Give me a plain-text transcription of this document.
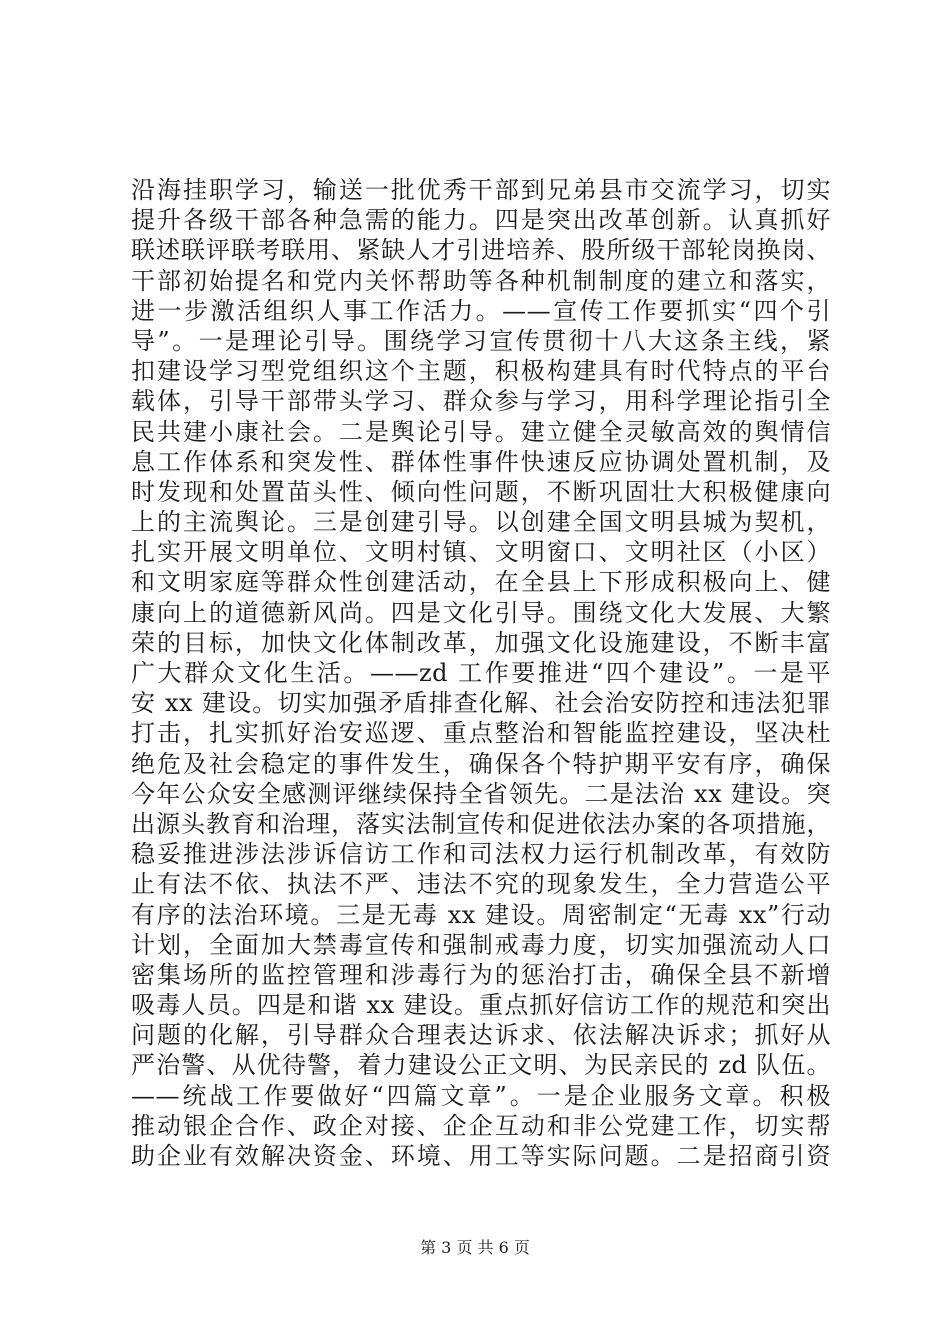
沿海挂职学习，输送一批优秀干部到兄弟县市交流学习，切实
提升各级干部各种急需的能力。四是突出改革创新。认真抓好
联述联评联考联用、紧缺人才引进培养、股所级干部轮岗换岗、
干部初始提名和党内关怀帮助等各种机制制度的建立和落实，
进一步激活组织人事工作活力。——宣传工作要抓实“四个引
导”。一是理论引导。围绕学习宣传贯彻十八大这条主线，紧
扣建设学习型党组织这个主题，积极构建具有时代特点的平台
载体，引导干部带头学习、群众参与学习，用科学理论指引全
民共建小康社会。二是舆论引导。建立健全灵敏高效的舆情信
息工作体系和突发性、群体性事件快速反应协调处置机制，及
时发现和处置苗头性、倾向性问题，不断巩固壮大积极健康向
上的主流舆论。三是创建引导。以创建全国文明县城为契机，
扎实开展文明单位、文明村镇、文明窗口、文明社区（小区）
和文明家庭等群众性创建活动，在全县上下形成积极向上、健
康向上的道德新风尚。四是文化引导。围绕文化大发展、大繁
荣的目标，加快文化体制改革，加强文化设施建设，不断丰富
广大群众文化生活。——zd 工作要推进“四个建设”。一是平
安 xx 建设。切实加强矛盾排查化解、社会治安防控和违法犯罪
打击，扎实抓好治安巡逻、重点整治和智能监控建设，坚决杜
绝危及社会稳定的事件发生，确保各个特护期平安有序，确保
今年公众安全感测评继续保持全省领先。二是法治 xx 建设。突
出源头教育和治理，落实法制宣传和促进依法办案的各项措施，
稳妥推进涉法涉诉信访工作和司法权力运行机制改革，有效防
止有法不依、执法不严、违法不究的现象发生，全力营造公平
有序的法治环境。三是无毒 xx 建设。周密制定“无毒 xx”行动
计划，全面加大禁毒宣传和强制戒毒力度，切实加强流动人口
密集场所的监控管理和涉毒行为的惩治打击，确保全县不新增
吸毒人员。四是和谐 xx 建设。重点抓好信访工作的规范和突出
问题的化解，引导群众合理表达诉求、依法解决诉求；抓好从
严治警、从优待警，着力建设公正文明、为民亲民的 zd 队伍。
——统战工作要做好“四篇文章”。一是企业服务文章。积极
推动银企合作、政企对接、企企互动和非公党建工作，切实帮
助企业有效解决资金、环境、用工等实际问题。二是招商引资
第 3 页 共 6 页
